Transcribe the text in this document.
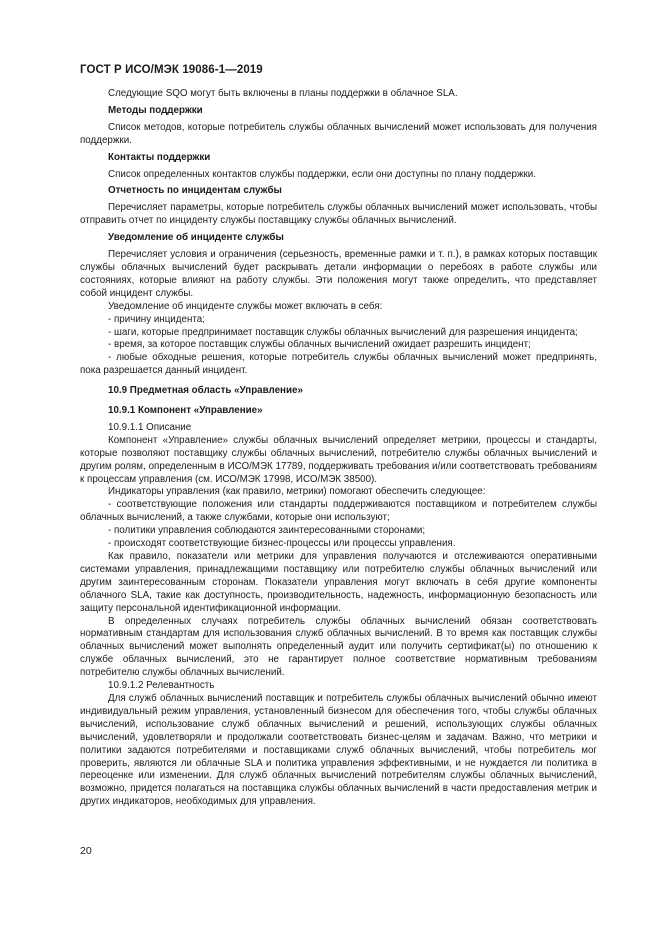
ГОСТ Р ИСО/МЭК 19086-1—2019

Следующие SQO могут быть включены в планы поддержки в облачное SLA.

Методы поддержки

Список методов, которые потребитель службы облачных вычислений может использовать для получения поддержки.

Контакты поддержки

Список определенных контактов службы поддержки, если они доступны по плану поддержки.

Отчетность по инцидентам службы

Перечисляет параметры, которые потребитель службы облачных вычислений может использовать, чтобы отправить отчет по инциденту службы поставщику службы облачных вычислений.

Уведомление об инциденте службы

Перечисляет условия и ограничения (серьезность, временные рамки и т. п.), в рамках которых поставщик службы облачных вычислений будет раскрывать детали информации о перебоях в работе службы или состояниях, которые влияют на работу службы. Эти положения могут также определить, что представляет собой инцидент службы.

Уведомление об инциденте службы может включать в себя:

- причину инцидента;

- шаги, которые предпринимает поставщик службы облачных вычислений для разрешения инцидента;

- время, за которое поставщик службы облачных вычислений ожидает разрешить инцидент;

- любые обходные решения, которые потребитель службы облачных вычислений может предпринять, пока разрешается данный инцидент.

10.9 Предметная область «Управление»

10.9.1 Компонент «Управление»

10.9.1.1 Описание

Компонент «Управление» службы облачных вычислений определяет метрики, процессы и стандарты, которые позволяют поставщику службы облачных вычислений, потребителю службы облачных вычислений и другим ролям, определенным в ИСО/МЭК 17789, поддерживать требования и/или соответствовать требованиям к процессам управления (см. ИСО/МЭК 17998, ИСО/МЭК 38500).

Индикаторы управления (как правило, метрики) помогают обеспечить следующее:

- соответствующие положения или стандарты поддерживаются поставщиком и потребителем службы облачных вычислений, а также службами, которые они используют;

- политики управления соблюдаются заинтересованными сторонами;

- происходят соответствующие бизнес-процессы или процессы управления.

Как правило, показатели или метрики для управления получаются и отслеживаются оперативными системами управления, принадлежащими поставщику или потребителю службы облачных вычислений или другим заинтересованным сторонам. Показатели управления могут включать в себя другие компоненты облачного SLA, такие как доступность, производительность, надежность, информационную безопасность или защиту персональной идентификационной информации.

В определенных случаях потребитель службы облачных вычислений обязан соответствовать нормативным стандартам для использования служб облачных вычислений. В то время как поставщик службы облачных вычислений может выполнять определенный аудит или получить сертификат(ы) по отношению к службе облачных вычислений, это не гарантирует полное соответствие нормативным требованиям потребителю службы облачных вычислений.

10.9.1.2 Релевантность

Для служб облачных вычислений поставщик и потребитель службы облачных вычислений обычно имеют индивидуальный режим управления, установленный бизнесом для обеспечения того, чтобы службы облачных вычислений, использование служб облачных вычислений и решений, использующих службы облачных вычислений, удовлетворяли и продолжали соответствовать бизнес-целям и задачам. Важно, что метрики и политики задаются потребителями и поставщиками служб облачных вычислений, чтобы потребитель мог проверить, являются ли облачные SLA и политика управления эффективными, и не нуждается ли политика в переоценке или изменении. Для служб облачных вычислений потребителям службы облачных вычислений, возможно, придется полагаться на поставщика службы облачных вычислений в части предоставления метрик и других индикаторов, необходимых для управления.

20
